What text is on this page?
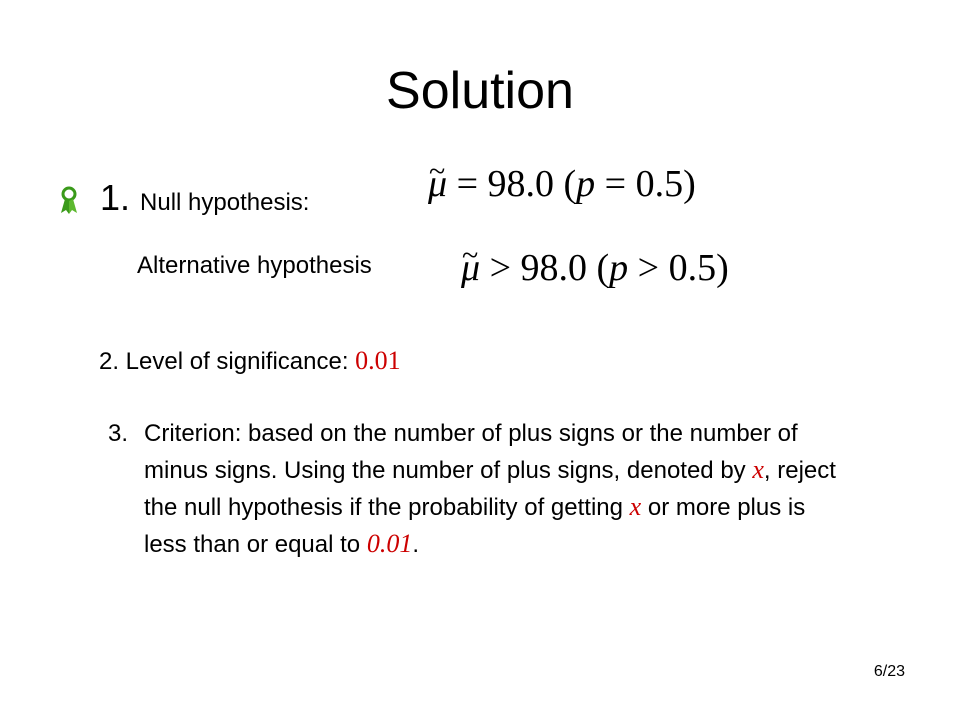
Solution
1. Null hypothesis:	~ μ = 98.0 (p = 0.5)
Alternative hypothesis ~ μ > 98.0 (p > 0.5)
2. Level of significance: 0.01
3. Criterion: based on the number of plus signs or the number of minus signs. Using the number of plus signs, denoted by x, reject the null hypothesis if the probability of getting x or more plus is less than or equal to 0.01.
6/23
